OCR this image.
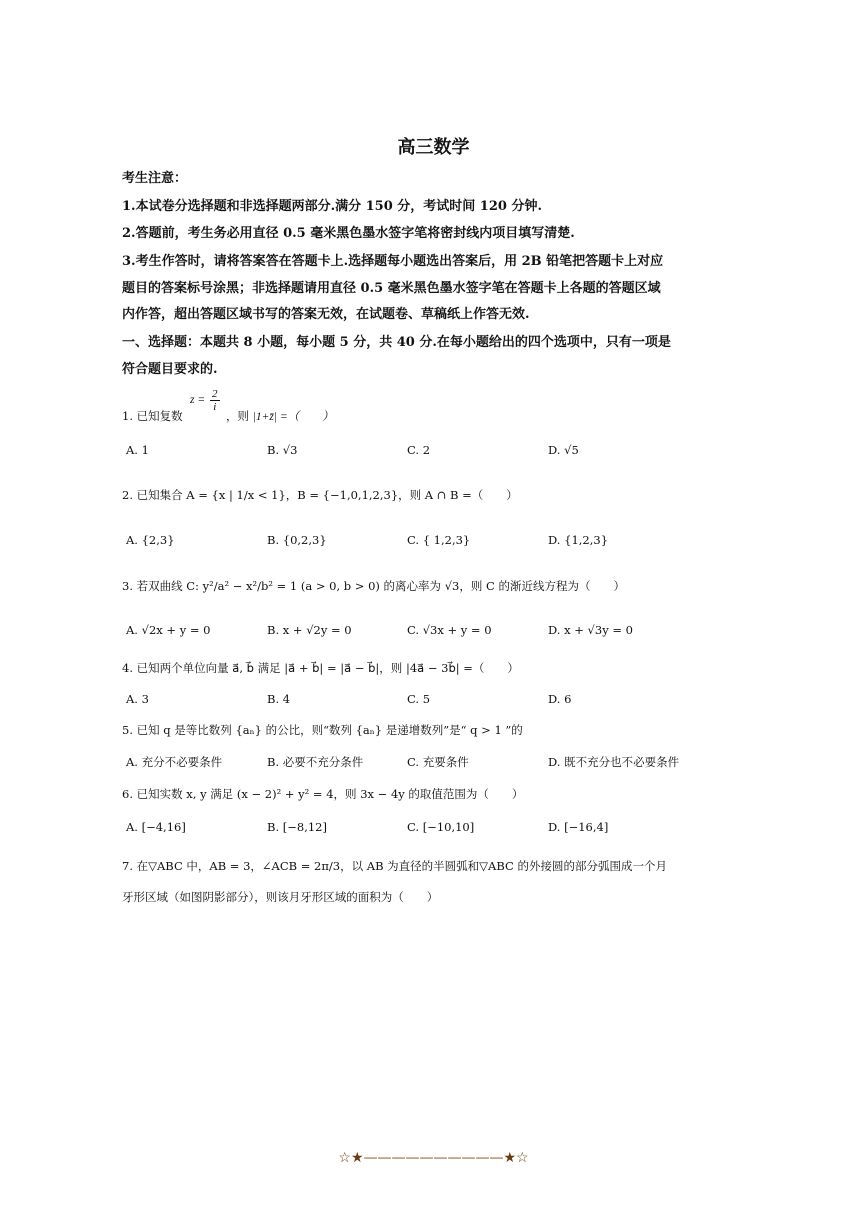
高三数学
考生注意：
1.本试卷分选择题和非选择题两部分.满分 150 分，考试时间 120 分钟.
2.答题前，考生务必用直径 0.5 毫米黑色墨水签字笔将密封线内项目填写清楚.
3.考生作答时，请将答案答在答题卡上.选择题每小题选出答案后，用 2B 铅笔把答题卡上对应
题目的答案标号涂黑；非选择题请用直径 0.5 毫米黑色墨水签字笔在答题卡上各题的答题区域
内作答，超出答题区域书写的答案无效，在试题卷、草稿纸上作答无效.
一、选择题：本题共 8 小题，每小题 5 分，共 40 分.在每小题给出的四个选项中，只有一项是
符合题目要求的.
1. 已知复数
$z = \frac{2}{i}$
，则 |1+z̄| =（　　）
A. 1	B. √3	C. 2	D. √5
2. 已知集合 A = {x | 1/x < 1}，B = {−1,0,1,2,3}，则 A ∩ B =（　　）
A. {2,3}	B. {0,2,3}	C. { 1,2,3}	D. {1,2,3}
3. 若双曲线 C: y²/a² − x²/b² = 1 (a > 0, b > 0) 的离心率为 √3，则 C 的渐近线方程为（　　）
A. √2x + y = 0	B. x + √2y = 0	C. √3x + y = 0	D. x + √3y = 0
4. 已知两个单位向量 a⃗, b⃗ 满足 |a⃗ + b⃗| = |a⃗ − b⃗|，则 |4a⃗ − 3b⃗| =（　　）
A. 3	B. 4	C. 5	D. 6
5. 已知 q 是等比数列 {aₙ} 的公比，则“数列 {aₙ} 是递增数列”是“ q > 1 ”的
A. 充分不必要条件	B. 必要不充分条件	C. 充要条件	D. 既不充分也不必要条件
6. 已知实数 x, y 满足 (x − 2)² + y² = 4，则 3x − 4y 的取值范围为（　　）
A. [−4,16]	B. [−8,12]	C. [−10,10]	D. [−16,4]
7. 在▽ABC 中，AB = 3，∠ACB = 2π/3，以 AB 为直径的半圆弧和▽ABC 的外接圆的部分弧围成一个月
牙形区域（如图阴影部分），则该月牙形区域的面积为（　　）
☆★——————————★☆
